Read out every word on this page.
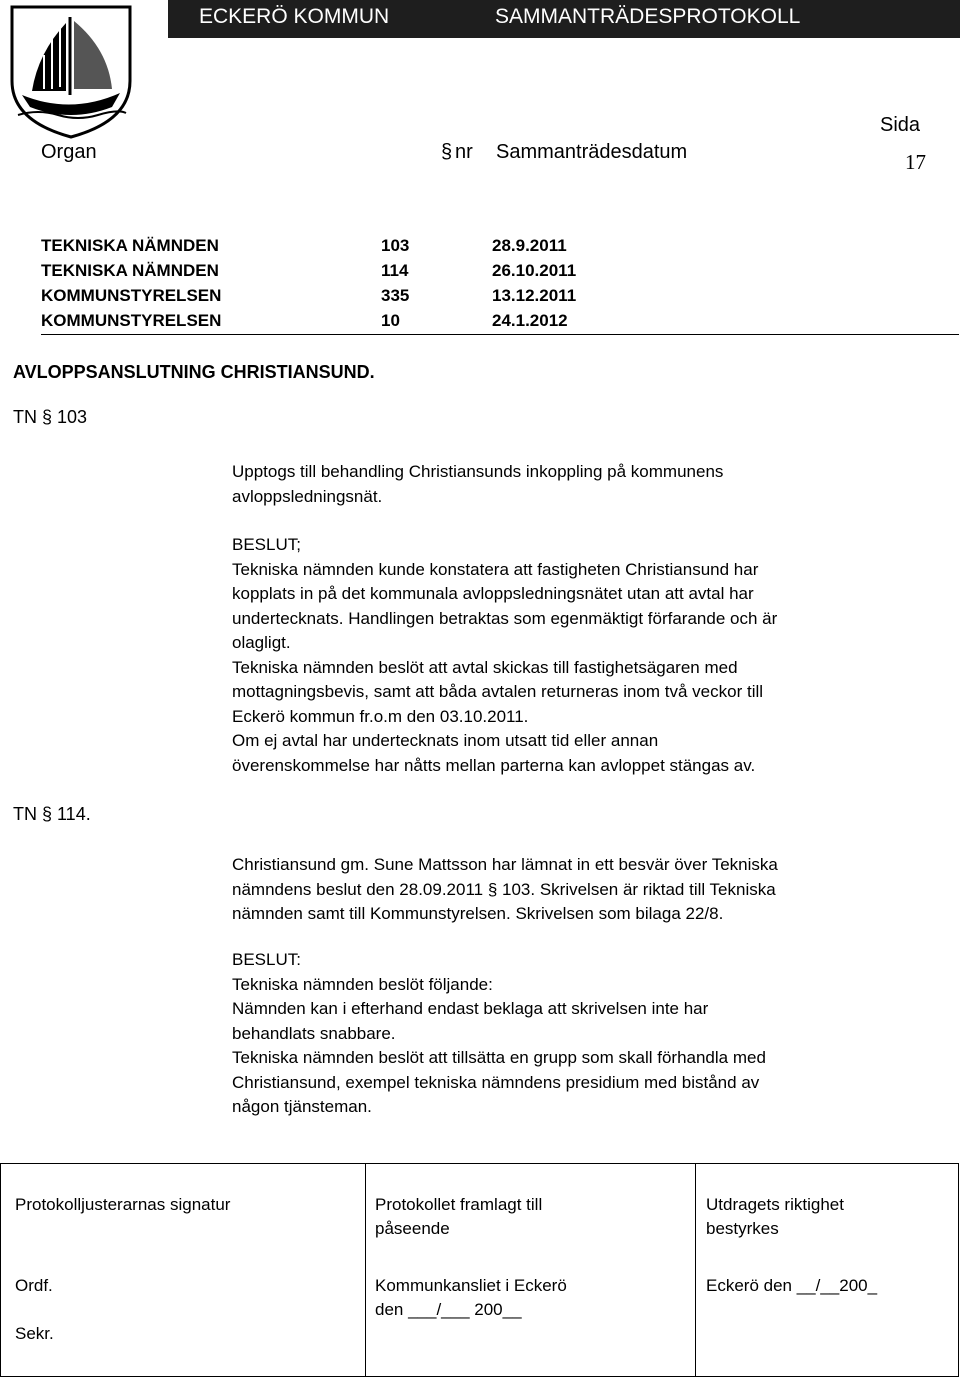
ECKERÖ KOMMUN	SAMMANTRÄDESPROTOKOLL
Organ	§ nr Sammanträdesdatum
Sida
17
TEKNISKA NÄMNDEN	103	28.9.2011
TEKNISKA NÄMNDEN	114	26.10.2011
KOMMUNSTYRELSEN	335	13.12.2011
KOMMUNSTYRELSEN	10	24.1.2012
AVLOPPSANSLUTNING CHRISTIANSUND.
TN § 103
Upptogs till behandling Christiansunds inkoppling på kommunens
avloppsledningsnät.
BESLUT;
Tekniska nämnden kunde konstatera att fastigheten Christiansund har
kopplats in på det kommunala avloppsledningsnätet utan att avtal har
undertecknats. Handlingen betraktas som egenmäktigt förfarande och är
olagligt.
Tekniska nämnden beslöt att avtal skickas till fastighetsägaren med
mottagningsbevis, samt att båda avtalen returneras inom två veckor till
Eckerö kommun fr.o.m den 03.10.2011.
Om ej avtal har undertecknats inom utsatt tid eller annan
överenskommelse har nåtts mellan parterna kan avloppet stängas av.
TN § 114.
Christiansund gm. Sune Mattsson har lämnat in ett besvär över Tekniska
nämndens beslut den 28.09.2011 § 103. Skrivelsen är riktad till Tekniska
nämnden samt till Kommunstyrelsen. Skrivelsen som bilaga 22/8.
BESLUT:
Tekniska nämnden beslöt följande:
Nämnden kan i efterhand endast beklaga att skrivelsen inte har
behandlats snabbare.
Tekniska nämnden beslöt att tillsätta en grupp som skall förhandla med
Christiansund, exempel tekniska nämndens presidium med bistånd av
någon tjänsteman.
Protokolljusterarnas signatur
Ordf.
Sekr.
Protokollet framlagt till
påseende
Kommunkansliet i Eckerö
den ___/___ 200__
Utdragets riktighet
bestyrkes
Eckerö den __/__200_
